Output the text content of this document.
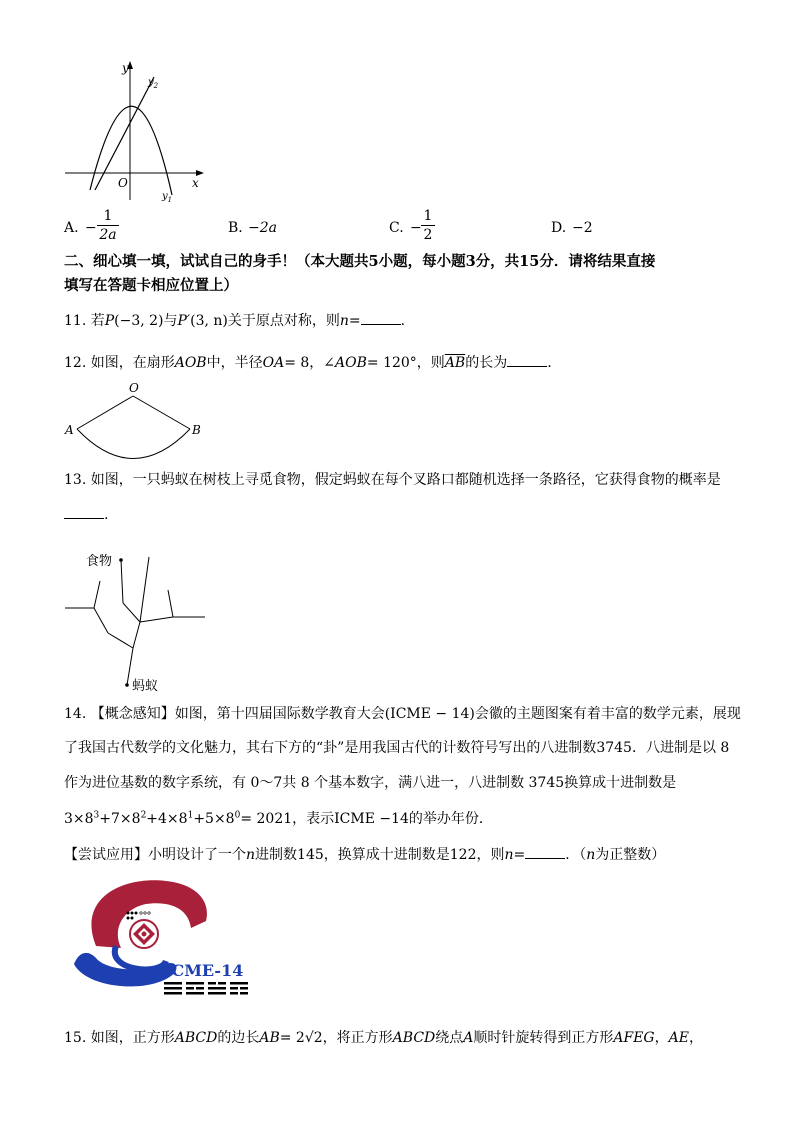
y
x
O
$y_2$
$y_1$
A. −
1
2a	B. −2a	C. −
1
2	D. −2
二、细心填一填，试试自己的身手！（本大题共5小题，每小题3分，共15分．请将结果直接
填写在答题卡相应位置上）
11. 若P(−3, 2)与P′(3, n)关于原点对称，则n=	.
12. 如图，在扇形AOB中，半径OA= 8，∠AOB= 120°，则$\overline{AB}$的长为	.
O
A	B
13. 如图，一只蚂蚁在树枝上寻觅食物，假定蚂蚁在每个叉路口都随机选择一条路径，它获得食物的概率是
.
食物
蚂蚁
14. 【概念感知】如图，第十四届国际数学教育大会(ICME − 14)会徽的主题图案有着丰富的数学元素，展现
了我国古代数学的文化魅力，其右下方的“卦”是用我国古代的计数符号写出的八进制数3745．八进制是以 8
作为进位基数的数字系统，有 0～7共 8 个基本数字，满八进一，八进制数 3745换算成十进制数是
$3\times 8^3+7\times 8^2+4\times 8^1+5\times 8^0= 2021$，表示ICME −14的举办年份．
【尝试应用】小明设计了一个n进制数145，换算成十进制数是122，则n=	．（n为正整数）
ICME-14
15. 如图，正方形ABCD的边长AB= 2√2，将正方形ABCD绕点A顺时针旋转得到正方形AFEG，AE，
